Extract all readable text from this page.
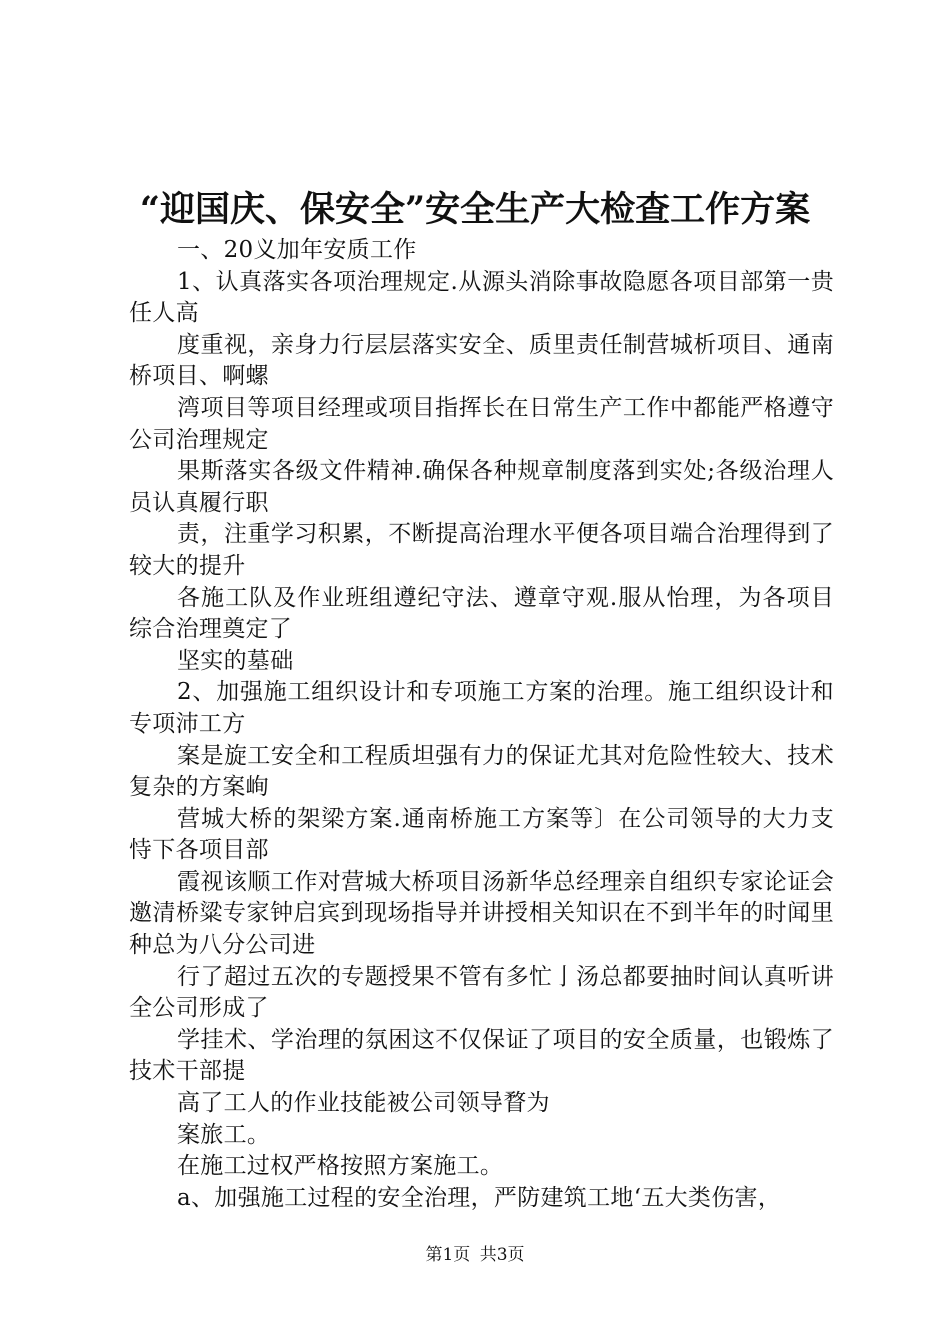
“迎国庆、保安全”安全生产大检查工作方案

一、20义加年安质工作

1、认真落实各项治理规定.从源头消除事故隐愿各项目部第一贵任人高

度重视，亲身力行层层落实安全、质里责任制营城析项目、通南桥项目、啊螺

湾项目等项目经理或项目指挥长在日常生产工作中都能严格遵守公司治理规定

果斯落实各级文件精神.确保各种规章制度落到实处;各级治理人员认真履行职

责，注重学习积累，不断提高治理水平便各项目端合治理得到了较大的提升

各施工队及作业班组遵纪守法、遵章守观.服从怡理，为各项目综合治理奠定了

坚实的墓础

2、加强施工组织设计和专项施工方案的治理。施工组织设计和专项沛工方

案是旋工安全和工程质坦强有力的保证尤其对危险性较大、技术复杂的方案峋

营城大桥的架梁方案.通南桥施工方案等〕在公司领导的大力支恃下各项目部

霞视该顺工作对营城大桥项目汤新华总经理亲自组织专家论证会邀清桥粱专家钟启宾到现场指导并讲授相关知识在不到半年的时闻里种总为八分公司进

行了超过五次的专题授果不管有多忙亅汤总都要抽时间认真听讲全公司形成了

学挂术、学治理的氛困这不仅保证了项目的安全质量，也锻炼了技术干部提

高了工人的作业技能被公司领导瞀为

案旅工。

在施工过权严格按照方案施工。

a、加强施工过程的安全治理，严防建筑工地‘五大类伤害，

第1页 共3页
